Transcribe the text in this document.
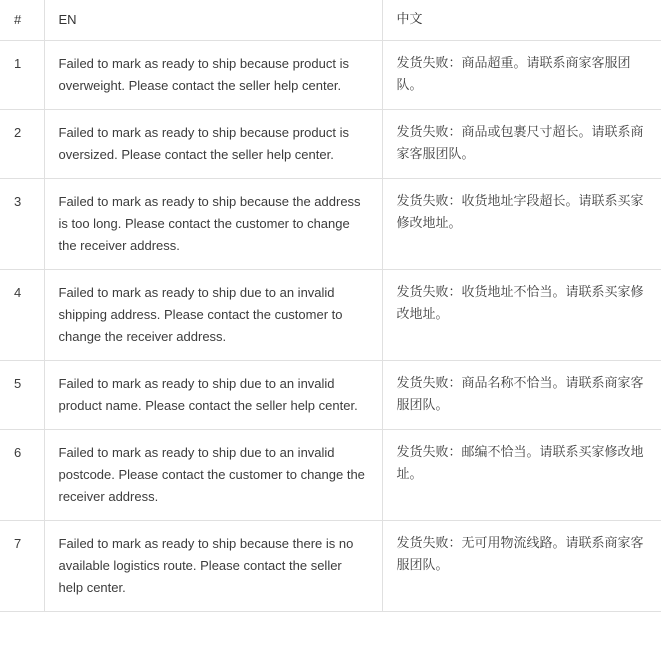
#	EN	中文
1	Failed to mark as ready to ship because product is overweight. Please contact the seller help center.	发货失败：商品超重。请联系商家客服团队。
2	Failed to mark as ready to ship because product is oversized. Please contact the seller help center.	发货失败：商品或包裹尺寸超长。请联系商家客服团队。
3	Failed to mark as ready to ship because the address is too long. Please contact the customer to change the receiver address.	发货失败：收货地址字段超长。请联系买家修改地址。
4	Failed to mark as ready to ship due to an invalid shipping address. Please contact the customer to change the receiver address.	发货失败：收货地址不恰当。请联系买家修改地址。
5	Failed to mark as ready to ship due to an invalid product name. Please contact the seller help center.	发货失败：商品名称不恰当。请联系商家客服团队。
6	Failed to mark as ready to ship due to an invalid postcode. Please contact the customer to change the receiver address.	发货失败：邮编不恰当。请联系买家修改地址。
7	Failed to mark as ready to ship because there is no available logistics route. Please contact the seller help center.	发货失败：无可用物流线路。请联系商家客服团队。
